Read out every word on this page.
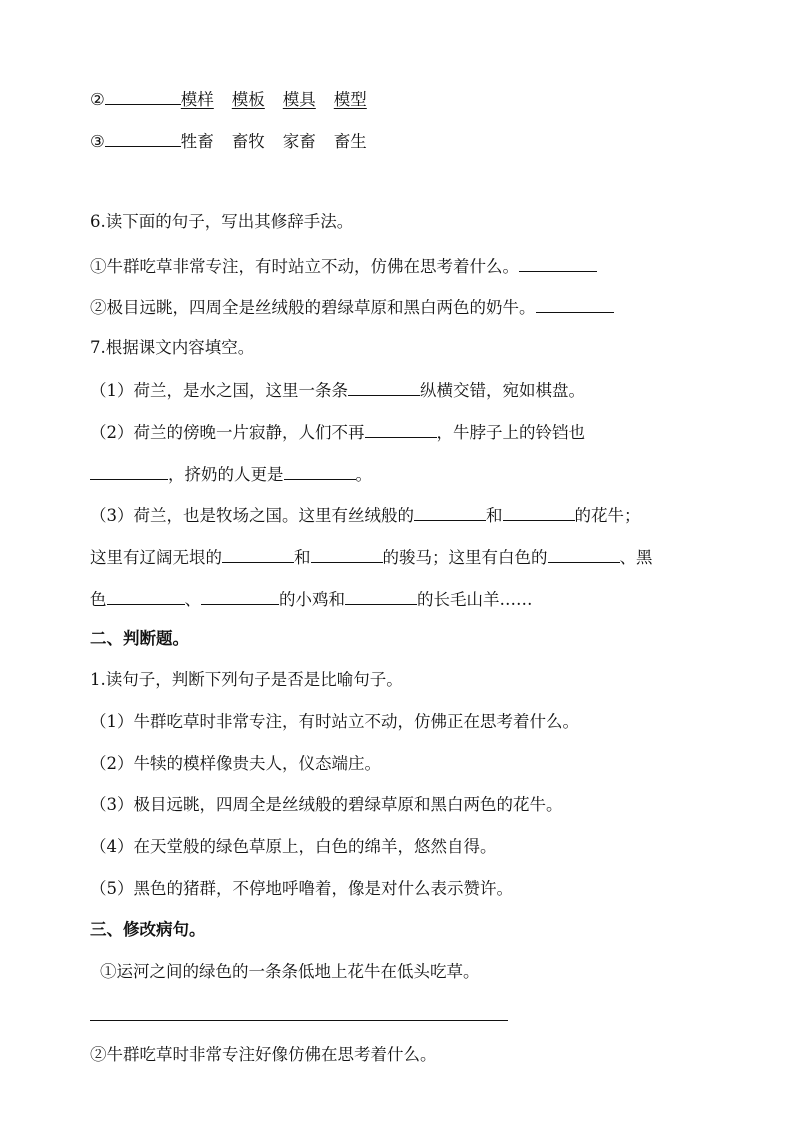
②	模样 模板 模具 模型
③	牲畜 畜牧 家畜 畜生
6.读下面的句子，写出其修辞手法。
①牛群吃草非常专注，有时站立不动，仿佛在思考着什么。
②极目远眺，四周全是丝绒般的碧绿草原和黑白两色的奶牛。
7.根据课文内容填空。
（1）荷兰，是水之国，这里一条条	纵横交错，宛如棋盘。
（2）荷兰的傍晚一片寂静，人们不再	，牛脖子上的铃铛也
，挤奶的人更是	。
（3）荷兰，也是牧场之国。这里有丝绒般的	和	的花牛；
这里有辽阔无垠的	和	的骏马；这里有白色的	、黑
色	、	的小鸡和	的长毛山羊……
二、判断题。
1.读句子，判断下列句子是否是比喻句子。
（1）牛群吃草时非常专注，有时站立不动，仿佛正在思考着什么。
（2）牛犊的模样像贵夫人，仪态端庄。
（3）极目远眺，四周全是丝绒般的碧绿草原和黑白两色的花牛。
（4）在天堂般的绿色草原上，白色的绵羊，悠然自得。
（5）黑色的猪群，不停地呼噜着，像是对什么表示赞许。
三、修改病句。
①运河之间的绿色的一条条低地上花牛在低头吃草。
②牛群吃草时非常专注好像仿佛在思考着什么。
